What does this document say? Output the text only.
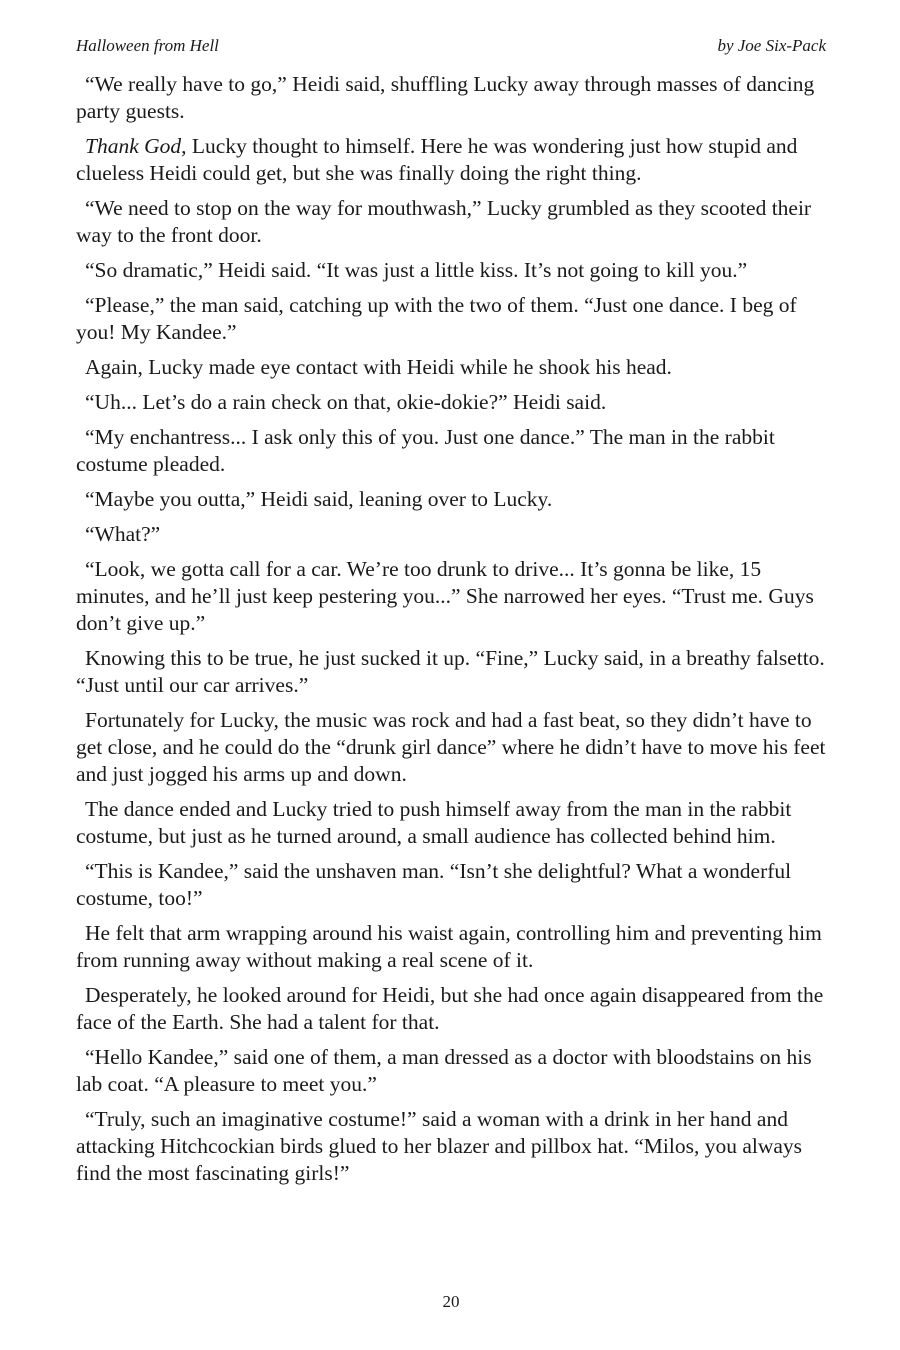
Halloween from Hell	by Joe Six-Pack

“We really have to go,” Heidi said, shuffling Lucky away through masses of dancing party guests.

Thank God, Lucky thought to himself. Here he was wondering just how stupid and clueless Heidi could get, but she was finally doing the right thing.

“We need to stop on the way for mouthwash,” Lucky grumbled as they scooted their way to the front door.

“So dramatic,” Heidi said. “It was just a little kiss. It’s not going to kill you.”

“Please,” the man said, catching up with the two of them. “Just one dance. I beg of you! My Kandee.”

Again, Lucky made eye contact with Heidi while he shook his head.

“Uh... Let’s do a rain check on that, okie-dokie?” Heidi said.

“My enchantress... I ask only this of you. Just one dance.” The man in the rabbit costume pleaded.

“Maybe you outta,” Heidi said, leaning over to Lucky.

“What?”

“Look, we gotta call for a car. We’re too drunk to drive... It’s gonna be like, 15 minutes, and he’ll just keep pestering you...” She narrowed her eyes. “Trust me. Guys don’t give up.”

Knowing this to be true, he just sucked it up. “Fine,” Lucky said, in a breathy falsetto. “Just until our car arrives.”

Fortunately for Lucky, the music was rock and had a fast beat, so they didn’t have to get close, and he could do the “drunk girl dance” where he didn’t have to move his feet and just jogged his arms up and down.

The dance ended and Lucky tried to push himself away from the man in the rabbit costume, but just as he turned around, a small audience has collected behind him.

“This is Kandee,” said the unshaven man. “Isn’t she delightful? What a wonderful costume, too!”

He felt that arm wrapping around his waist again, controlling him and preventing him from running away without making a real scene of it.

Desperately, he looked around for Heidi, but she had once again disappeared from the face of the Earth. She had a talent for that.

“Hello Kandee,” said one of them, a man dressed as a doctor with bloodstains on his lab coat. “A pleasure to meet you.”

“Truly, such an imaginative costume!” said a woman with a drink in her hand and attacking Hitchcockian birds glued to her blazer and pillbox hat. “Milos, you always find the most fascinating girls!”

20
